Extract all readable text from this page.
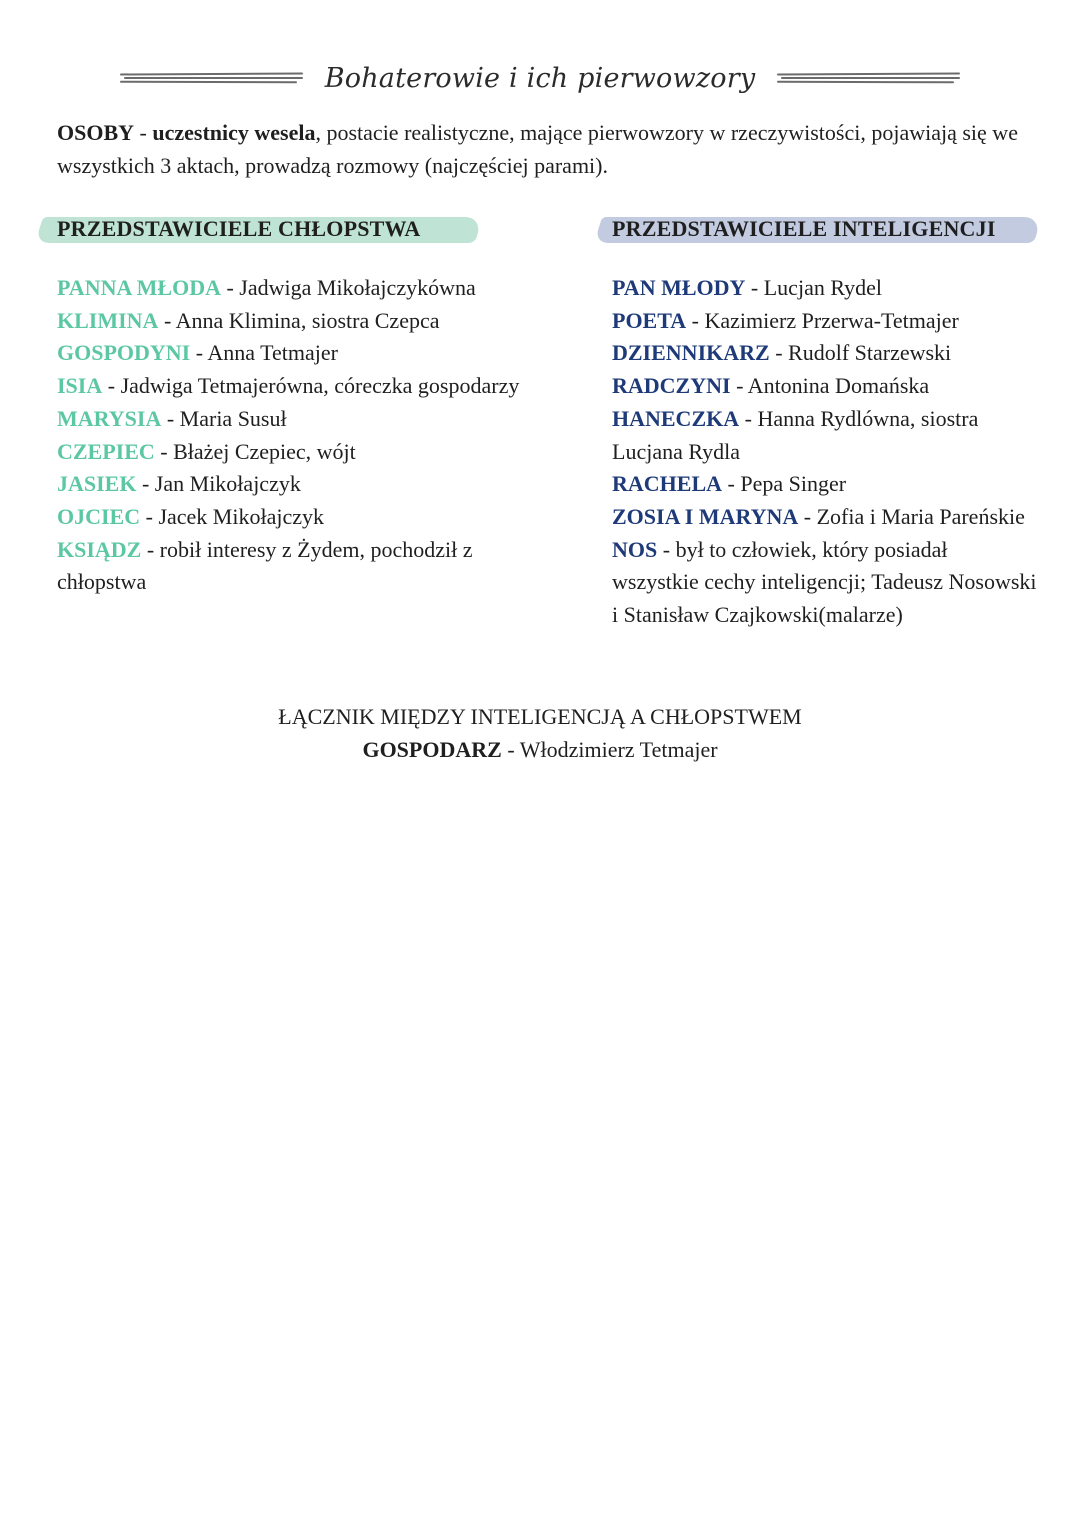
Bohaterowie i ich pierwowzory

OSOBY - uczestnicy wesela, postacie realistyczne, mające pierwowzory w rzeczywistości, pojawiają się we wszystkich 3 aktach, prowadzą rozmowy (najczęściej parami).

PRZEDSTAWICIELE CHŁOPSTWA
PANNA MŁODA - Jadwiga Mikołajczykówna
KLIMINA - Anna Klimina, siostra Czepca
GOSPODYNI - Anna Tetmajer
ISIA - Jadwiga Tetmajerówna, córeczka gospodarzy
MARYSIA - Maria Susuł
CZEPIEC - Błażej Czepiec, wójt
JASIEK - Jan Mikołajczyk
OJCIEC - Jacek Mikołajczyk
KSIĄDZ - robił interesy z Żydem, pochodził z chłopstwa
PRZEDSTAWICIELE INTELIGENCJI
PAN MŁODY - Lucjan Rydel
POETA - Kazimierz Przerwa-Tetmajer
DZIENNIKARZ - Rudolf Starzewski
RADCZYNI - Antonina Domańska
HANECZKA - Hanna Rydlówna, siostra Lucjana Rydla
RACHELA - Pepa Singer
ZOSIA I MARYNA - Zofia i Maria Pareńskie
NOS - był to człowiek, który posiadał wszystkie cechy inteligencji; Tadeusz Nosowski i Stanisław Czajkowski(malarze)
ŁĄCZNIK MIĘDZY INTELIGENCJĄ A CHŁOPSTWEM
GOSPODARZ - Włodzimierz Tetmajer
